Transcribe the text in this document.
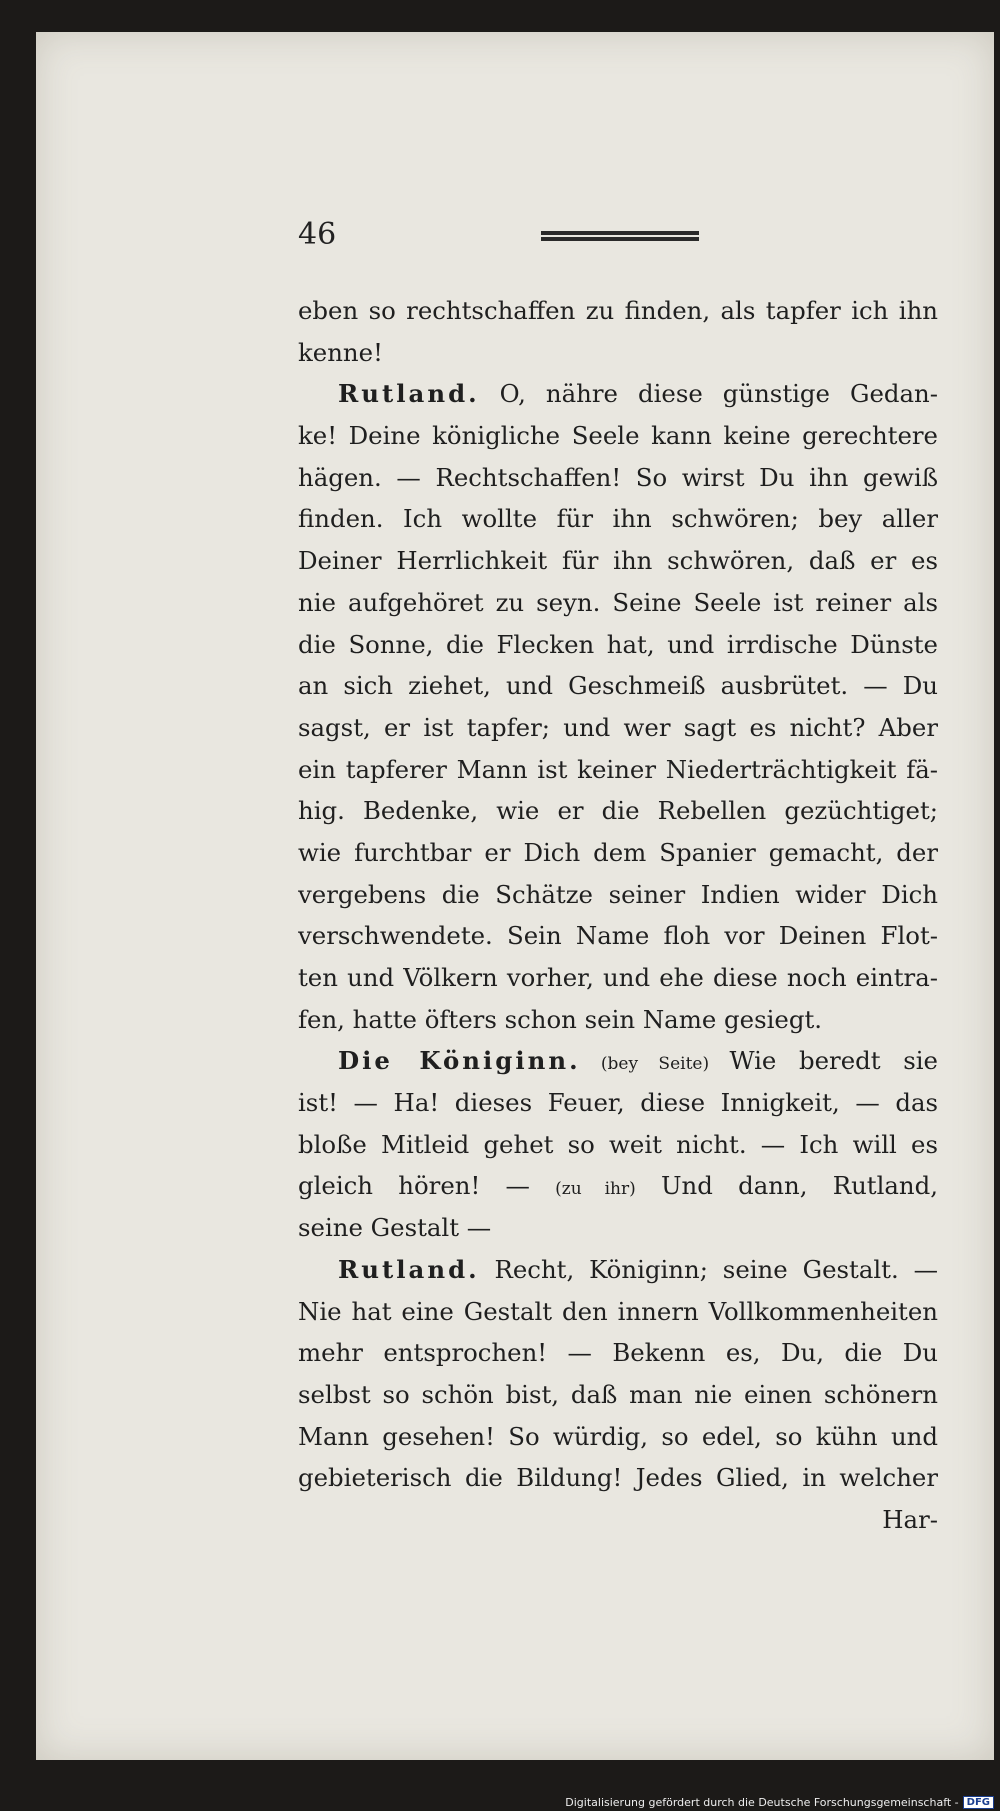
46
eben so rechtschaffen zu finden, als tapfer ich ihn
kenne!
Rutland. O, nähre diese günstige Gedan-
ke! Deine königliche Seele kann keine gerechtere
hägen. — Rechtschaffen! So wirst Du ihn gewiß
finden. Ich wollte für ihn schwören; bey aller
Deiner Herrlichkeit für ihn schwören, daß er es
nie aufgehöret zu seyn. Seine Seele ist reiner als
die Sonne, die Flecken hat, und irrdische Dünste
an sich ziehet, und Geschmeiß ausbrütet. — Du
sagst, er ist tapfer; und wer sagt es nicht? Aber
ein tapferer Mann ist keiner Niederträchtigkeit fä-
hig. Bedenke, wie er die Rebellen gezüchtiget;
wie furchtbar er Dich dem Spanier gemacht, der
vergebens die Schätze seiner Indien wider Dich
verschwendete. Sein Name floh vor Deinen Flot-
ten und Völkern vorher, und ehe diese noch eintra-
fen, hatte öfters schon sein Name gesiegt.
Die Königinn. (bey Seite) Wie beredt sie
ist! — Ha! dieses Feuer, diese Innigkeit, — das
bloße Mitleid gehet so weit nicht. — Ich will es
gleich hören! — (zu ihr) Und dann, Rutland,
seine Gestalt —
Rutland. Recht, Königinn; seine Gestalt. —
Nie hat eine Gestalt den innern Vollkommenheiten
mehr entsprochen! — Bekenn es, Du, die Du
selbst so schön bist, daß man nie einen schönern
Mann gesehen! So würdig, so edel, so kühn und
gebieterisch die Bildung! Jedes Glied, in welcher
Har-
Digitalisierung gefördert durch die Deutsche Forschungsgemeinschaft - DFG
